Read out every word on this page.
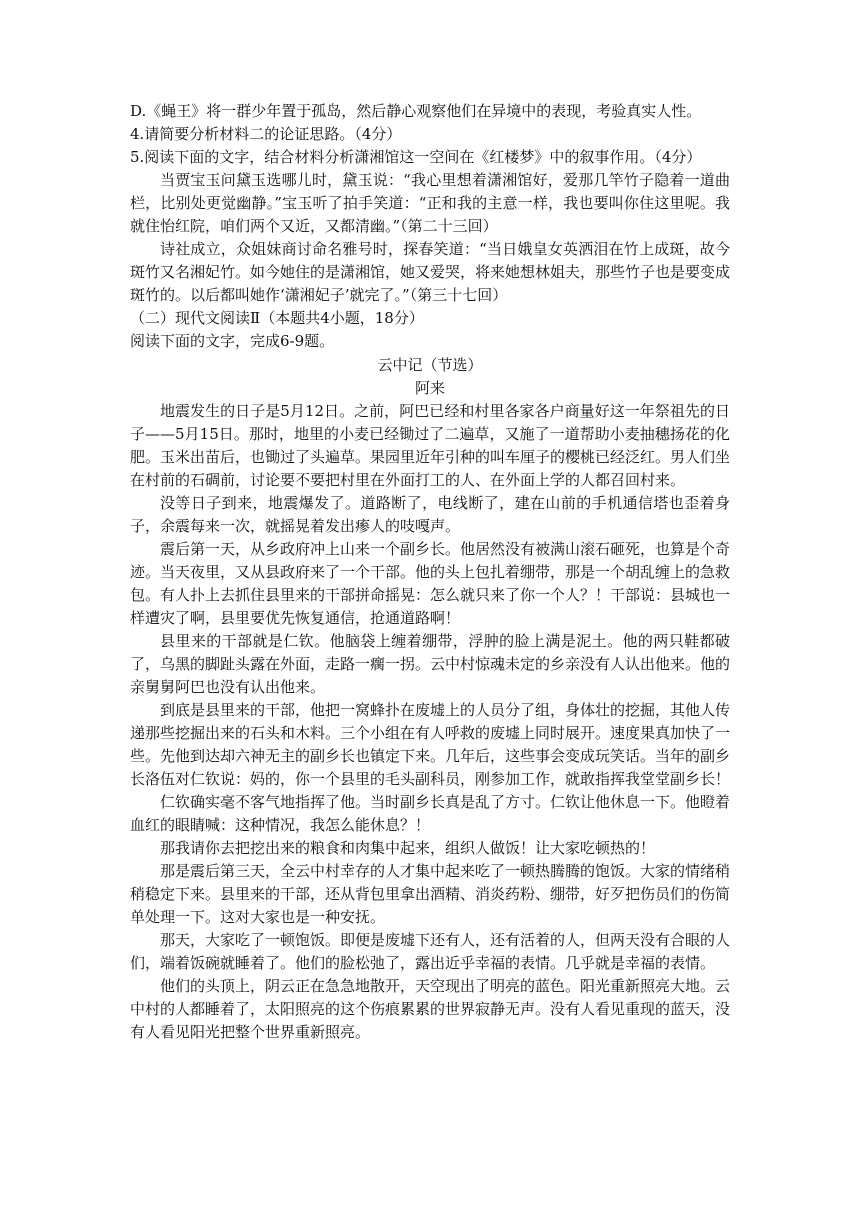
D.《蝇王》将一群少年置于孤岛，然后静心观察他们在异境中的表现，考验真实人性。
4.请简要分析材料二的论证思路。（4分）
5.阅读下面的文字，结合材料分析潇湘馆这一空间在《红楼梦》中的叙事作用。（4分）

当贾宝玉问黛玉选哪儿时，黛玉说：“我心里想着潇湘馆好，爱那几竿竹子隐着一道曲栏，比别处更觉幽静。”宝玉听了拍手笑道：“正和我的主意一样，我也要叫你住这里呢。我就住怡红院，咱们两个又近，又都清幽。”（第二十三回）

诗社成立，众姐妹商讨命名雅号时，探春笑道：“当日娥皇女英洒泪在竹上成斑，故今斑竹又名湘妃竹。如今她住的是潇湘馆，她又爱哭，将来她想林姐夫，那些竹子也是要变成斑竹的。以后都叫她作‘潇湘妃子’就完了。”（第三十七回）

（二）现代文阅读Ⅱ（本题共4小题，18分）
阅读下面的文字，完成6-9题。
云中记（节选）
阿来

地震发生的日子是5月12日。之前，阿巴已经和村里各家各户商量好这一年祭祖先的日子——5月15日。那时，地里的小麦已经锄过了二遍草，又施了一道帮助小麦抽穗扬花的化肥。玉米出苗后，也锄过了头遍草。果园里近年引种的叫车厘子的樱桃已经泛红。男人们坐在村前的石碉前，讨论要不要把村里在外面打工的人、在外面上学的人都召回村来。

没等日子到来，地震爆发了。道路断了，电线断了，建在山前的手机通信塔也歪着身子，余震每来一次，就摇晃着发出瘆人的吱嘎声。

震后第一天，从乡政府冲上山来一个副乡长。他居然没有被满山滚石砸死，也算是个奇迹。当天夜里，又从县政府来了一个干部。他的头上包扎着绷带，那是一个胡乱缠上的急救包。有人扑上去抓住县里来的干部拼命摇晃：怎么就只来了你一个人？！干部说：县城也一样遭灾了啊，县里要优先恢复通信，抢通道路啊！

县里来的干部就是仁钦。他脑袋上缠着绷带，浮肿的脸上满是泥土。他的两只鞋都破了，乌黑的脚趾头露在外面，走路一瘸一拐。云中村惊魂未定的乡亲没有人认出他来。他的亲舅舅阿巴也没有认出他来。

到底是县里来的干部，他把一窝蜂扑在废墟上的人员分了组，身体壮的挖掘，其他人传递那些挖掘出来的石头和木料。三个小组在有人呼救的废墟上同时展开。速度果真加快了一些。先他到达却六神无主的副乡长也镇定下来。几年后，这些事会变成玩笑话。当年的副乡长洛伍对仁钦说：妈的，你一个县里的毛头副科员，刚参加工作，就敢指挥我堂堂副乡长！

仁钦确实毫不客气地指挥了他。当时副乡长真是乱了方寸。仁钦让他休息一下。他瞪着血红的眼睛喊：这种情况，我怎么能休息？！

那我请你去把挖出来的粮食和肉集中起来，组织人做饭！让大家吃顿热的！

那是震后第三天，全云中村幸存的人才集中起来吃了一顿热腾腾的饱饭。大家的情绪稍稍稳定下来。县里来的干部，还从背包里拿出酒精、消炎药粉、绷带，好歹把伤员们的伤简单处理一下。这对大家也是一种安抚。

那天，大家吃了一顿饱饭。即便是废墟下还有人，还有活着的人，但两天没有合眼的人们，端着饭碗就睡着了。他们的脸松弛了，露出近乎幸福的表情。几乎就是幸福的表情。

他们的头顶上，阴云正在急急地散开，天空现出了明亮的蓝色。阳光重新照亮大地。云中村的人都睡着了，太阳照亮的这个伤痕累累的世界寂静无声。没有人看见重现的蓝天，没有人看见阳光把整个世界重新照亮。
